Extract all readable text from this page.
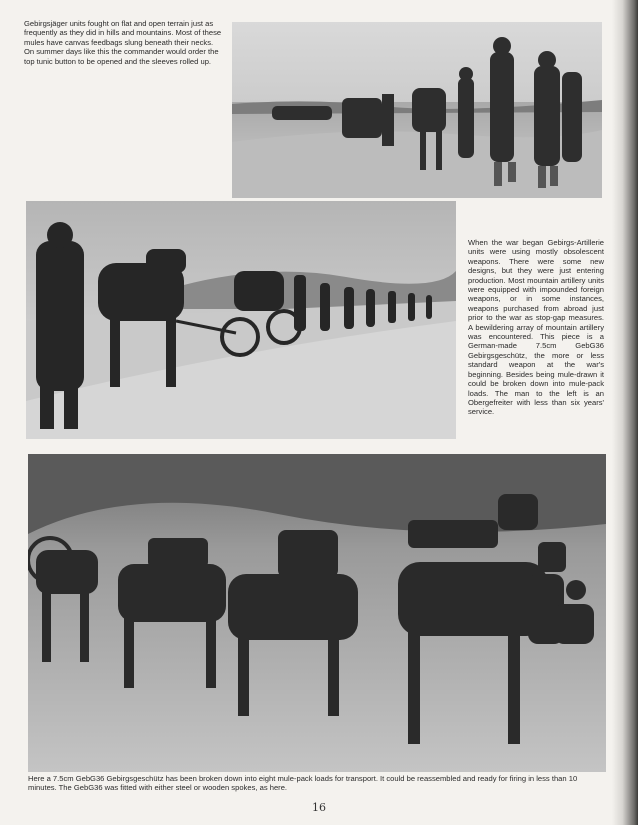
Gebirgsjäger units fought on flat and open terrain just as frequently as they did in hills and mountains. Most of these mules have canvas feedbags slung beneath their necks. On summer days like this the commander would order the top tunic button to be opened and the sleeves rolled up.

When the war began Gebirgs-Artillerie units were using mostly obsolescent weapons. There were some new designs, but they were just entering production. Most mountain artillery units were equipped with impounded foreign weapons, or in some instances, weapons purchased from abroad just prior to the war as stop-gap measures. A bewildering array of mountain artillery was encountered. This piece is a German-made 7.5cm GebG36 Gebirgsgeschütz, the more or less standard weapon at the war's beginning. Besides being mule-drawn it could be broken down into mule-pack loads. The man to the left is an Obergefreiter with less than six years' service.

Here a 7.5cm GebG36 Gebirgsgeschütz has been broken down into eight mule-pack loads for transport. It could be reassembled and ready for firing in less than 10 minutes. The GebG36 was fitted with either steel or wooden spokes, as here.

16
